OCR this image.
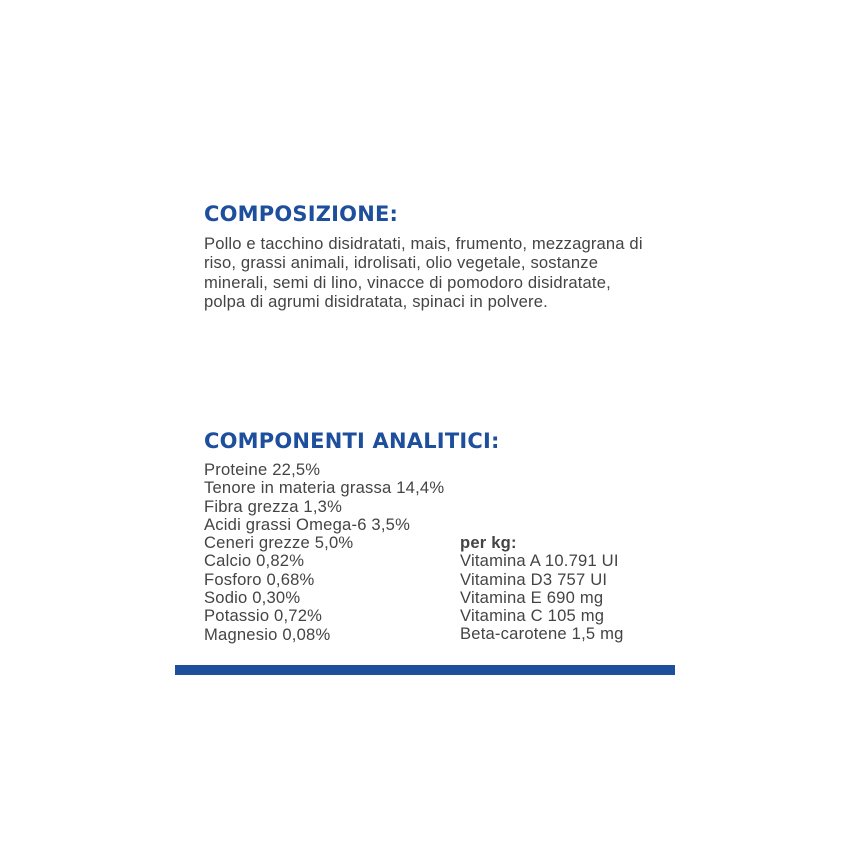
COMPOSIZIONE:

Pollo e tacchino disidratati, mais, frumento, mezzagrana di riso, grassi animali, idrolisati, olio vegetale, sostanze minerali, semi di lino, vinacce di pomodoro disidratate, polpa di agrumi disidratata, spinaci in polvere.

COMPONENTI ANALITICI:
Proteine 22,5%
Tenore in materia grassa 14,4%
Fibra grezza 1,3%
Acidi grassi Omega-6 3,5%
Ceneri grezze 5,0%
Calcio 0,82%
Fosforo 0,68%
Sodio 0,30%
Potassio 0,72%
Magnesio 0,08%
per kg:
Vitamina A 10.791 UI
Vitamina D3 757 UI
Vitamina E 690 mg
Vitamina C 105 mg
Beta-carotene 1,5 mg
